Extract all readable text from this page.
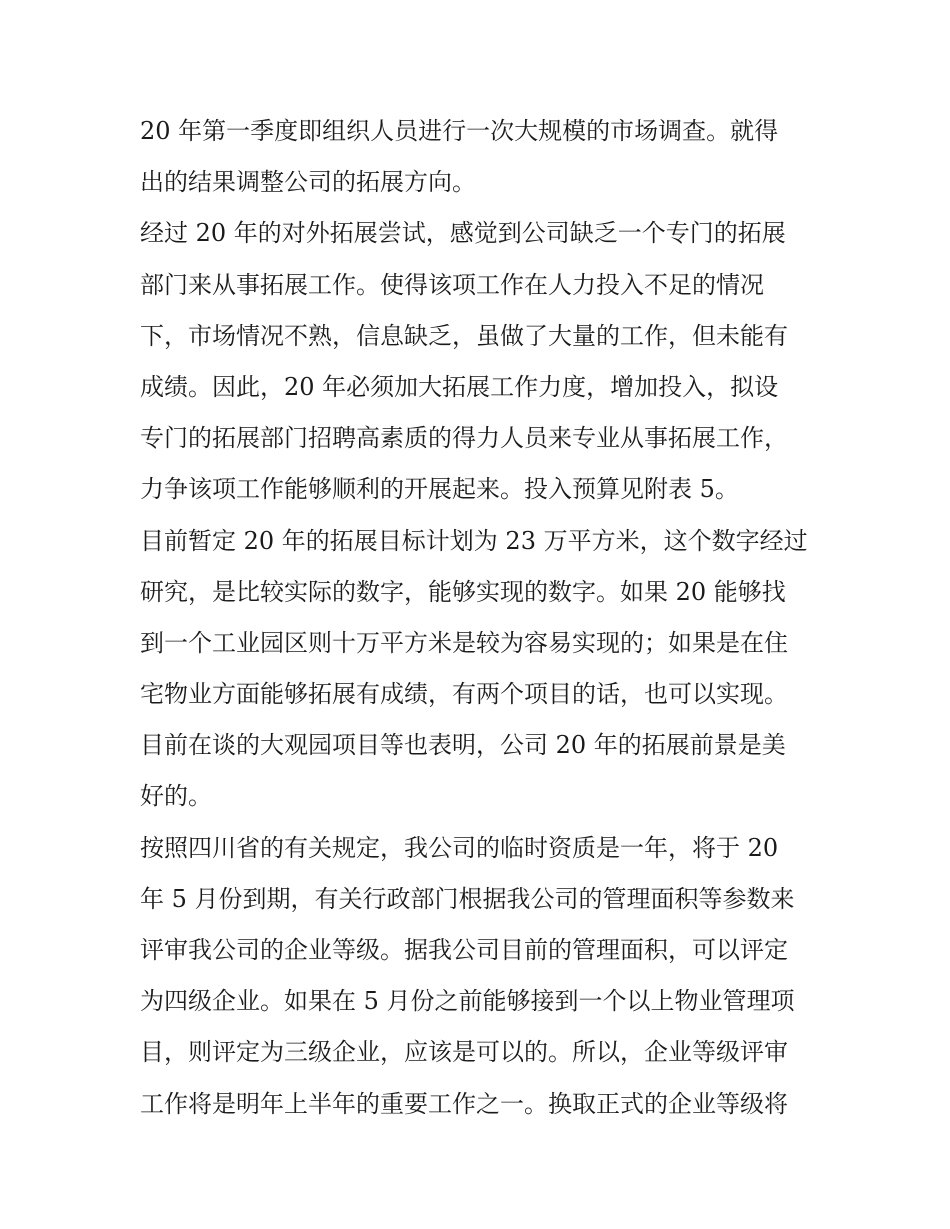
20 年第一季度即组织人员进行一次大规模的市场调查。就得
出的结果调整公司的拓展方向。
经过 20 年的对外拓展尝试，感觉到公司缺乏一个专门的拓展
部门来从事拓展工作。使得该项工作在人力投入不足的情况
下，市场情况不熟，信息缺乏，虽做了大量的工作，但未能有
成绩。因此，20 年必须加大拓展工作力度，增加投入，拟设
专门的拓展部门招聘高素质的得力人员来专业从事拓展工作，
力争该项工作能够顺利的开展起来。投入预算见附表 5。
目前暂定 20 年的拓展目标计划为 23 万平方米，这个数字经过
研究，是比较实际的数字，能够实现的数字。如果 20 能够找
到一个工业园区则十万平方米是较为容易实现的；如果是在住
宅物业方面能够拓展有成绩，有两个项目的话，也可以实现。
目前在谈的大观园项目等也表明，公司 20 年的拓展前景是美
好的。
按照四川省的有关规定，我公司的临时资质是一年，将于 20
年 5 月份到期，有关行政部门根据我公司的管理面积等参数来
评审我公司的企业等级。据我公司目前的管理面积，可以评定
为四级企业。如果在 5 月份之前能够接到一个以上物业管理项
目，则评定为三级企业，应该是可以的。所以，企业等级评审
工作将是明年上半年的重要工作之一。换取正式的企业等级将
